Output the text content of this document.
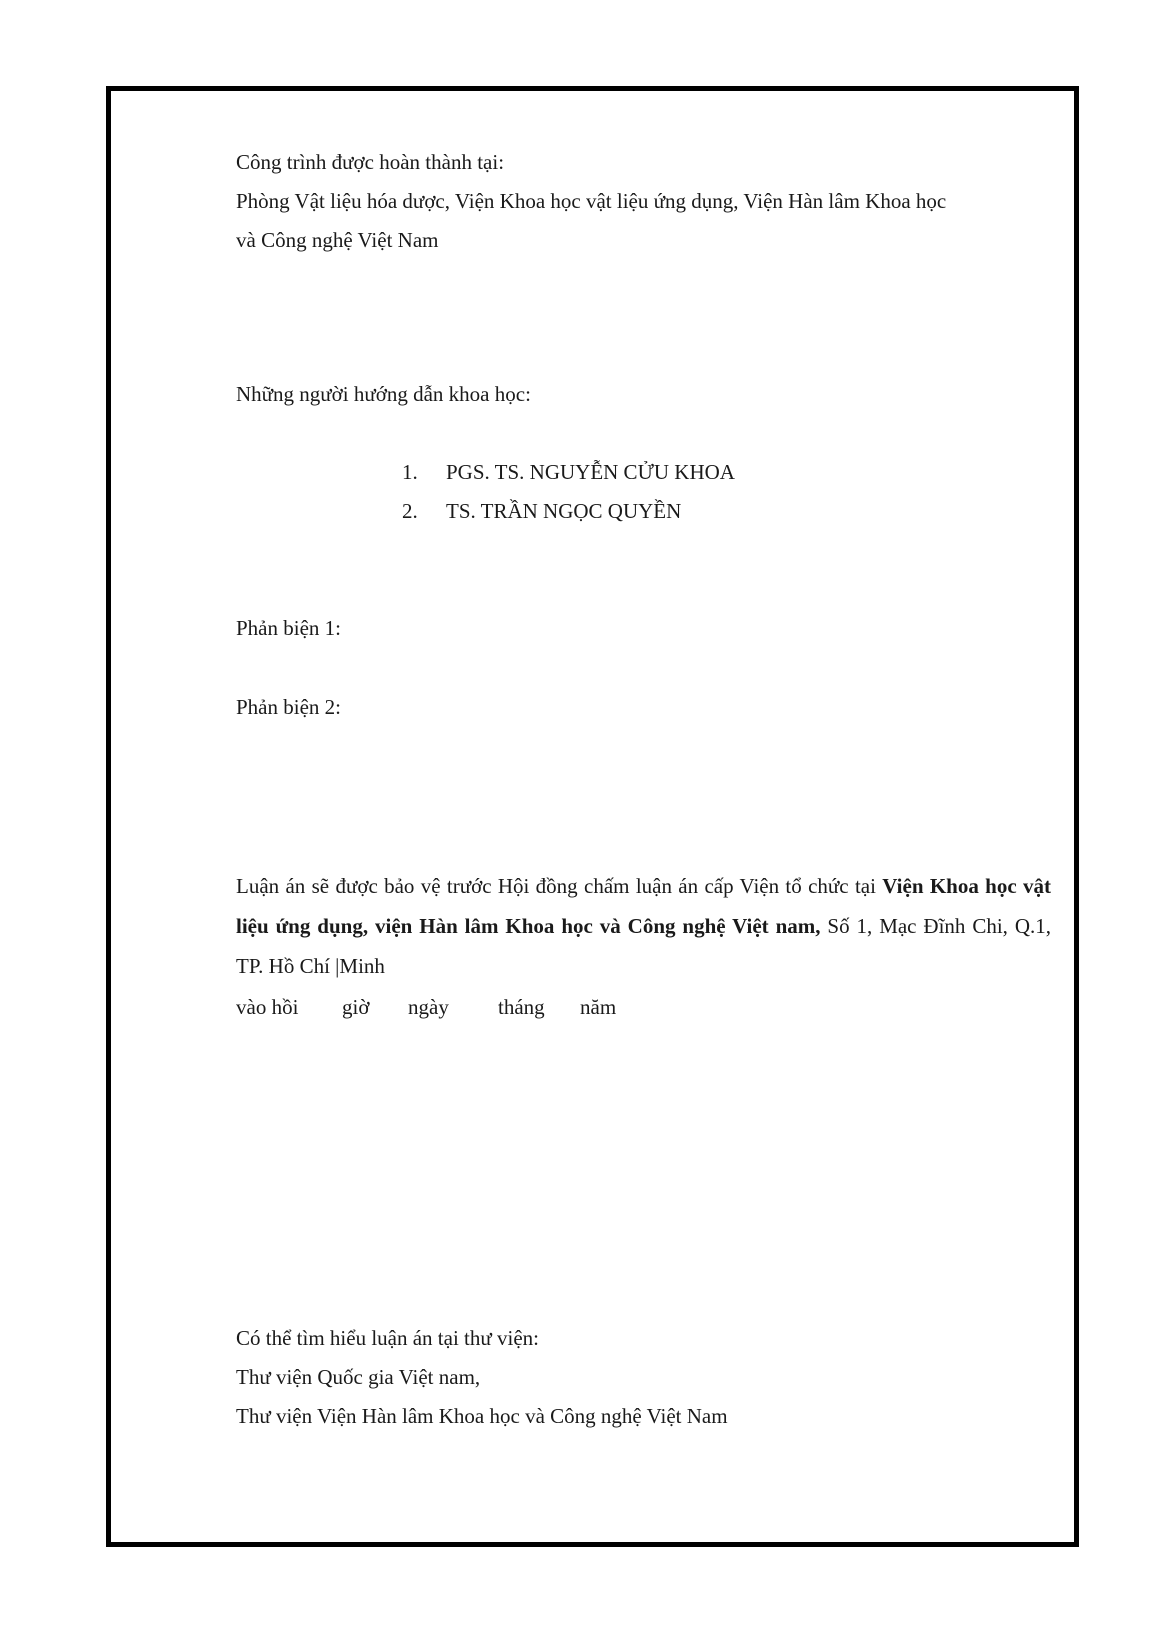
Công trình được hoàn thành tại:
Phòng Vật liệu hóa dược, Viện Khoa học vật liệu ứng dụng, Viện Hàn lâm Khoa học
và Công nghệ Việt Nam
Những người hướng dẫn khoa học:
1. PGS. TS. NGUYỄN CỬU KHOA
2. TS. TRẦN NGỌC QUYỀN
Phản biện 1:
Phản biện 2:
Luận án sẽ được bảo vệ trước Hội đồng chấm luận án cấp Viện tổ chức tại Viện Khoa học vật liệu ứng dụng, viện Hàn lâm Khoa học và Công nghệ Việt nam, Số 1, Mạc Đĩnh Chi, Q.1, TP. Hồ Chí |Minh
vào hồi giờ ngày tháng năm
Có thể tìm hiểu luận án tại thư viện:
Thư viện Quốc gia Việt nam,
Thư viện Viện Hàn lâm Khoa học và Công nghệ Việt Nam
